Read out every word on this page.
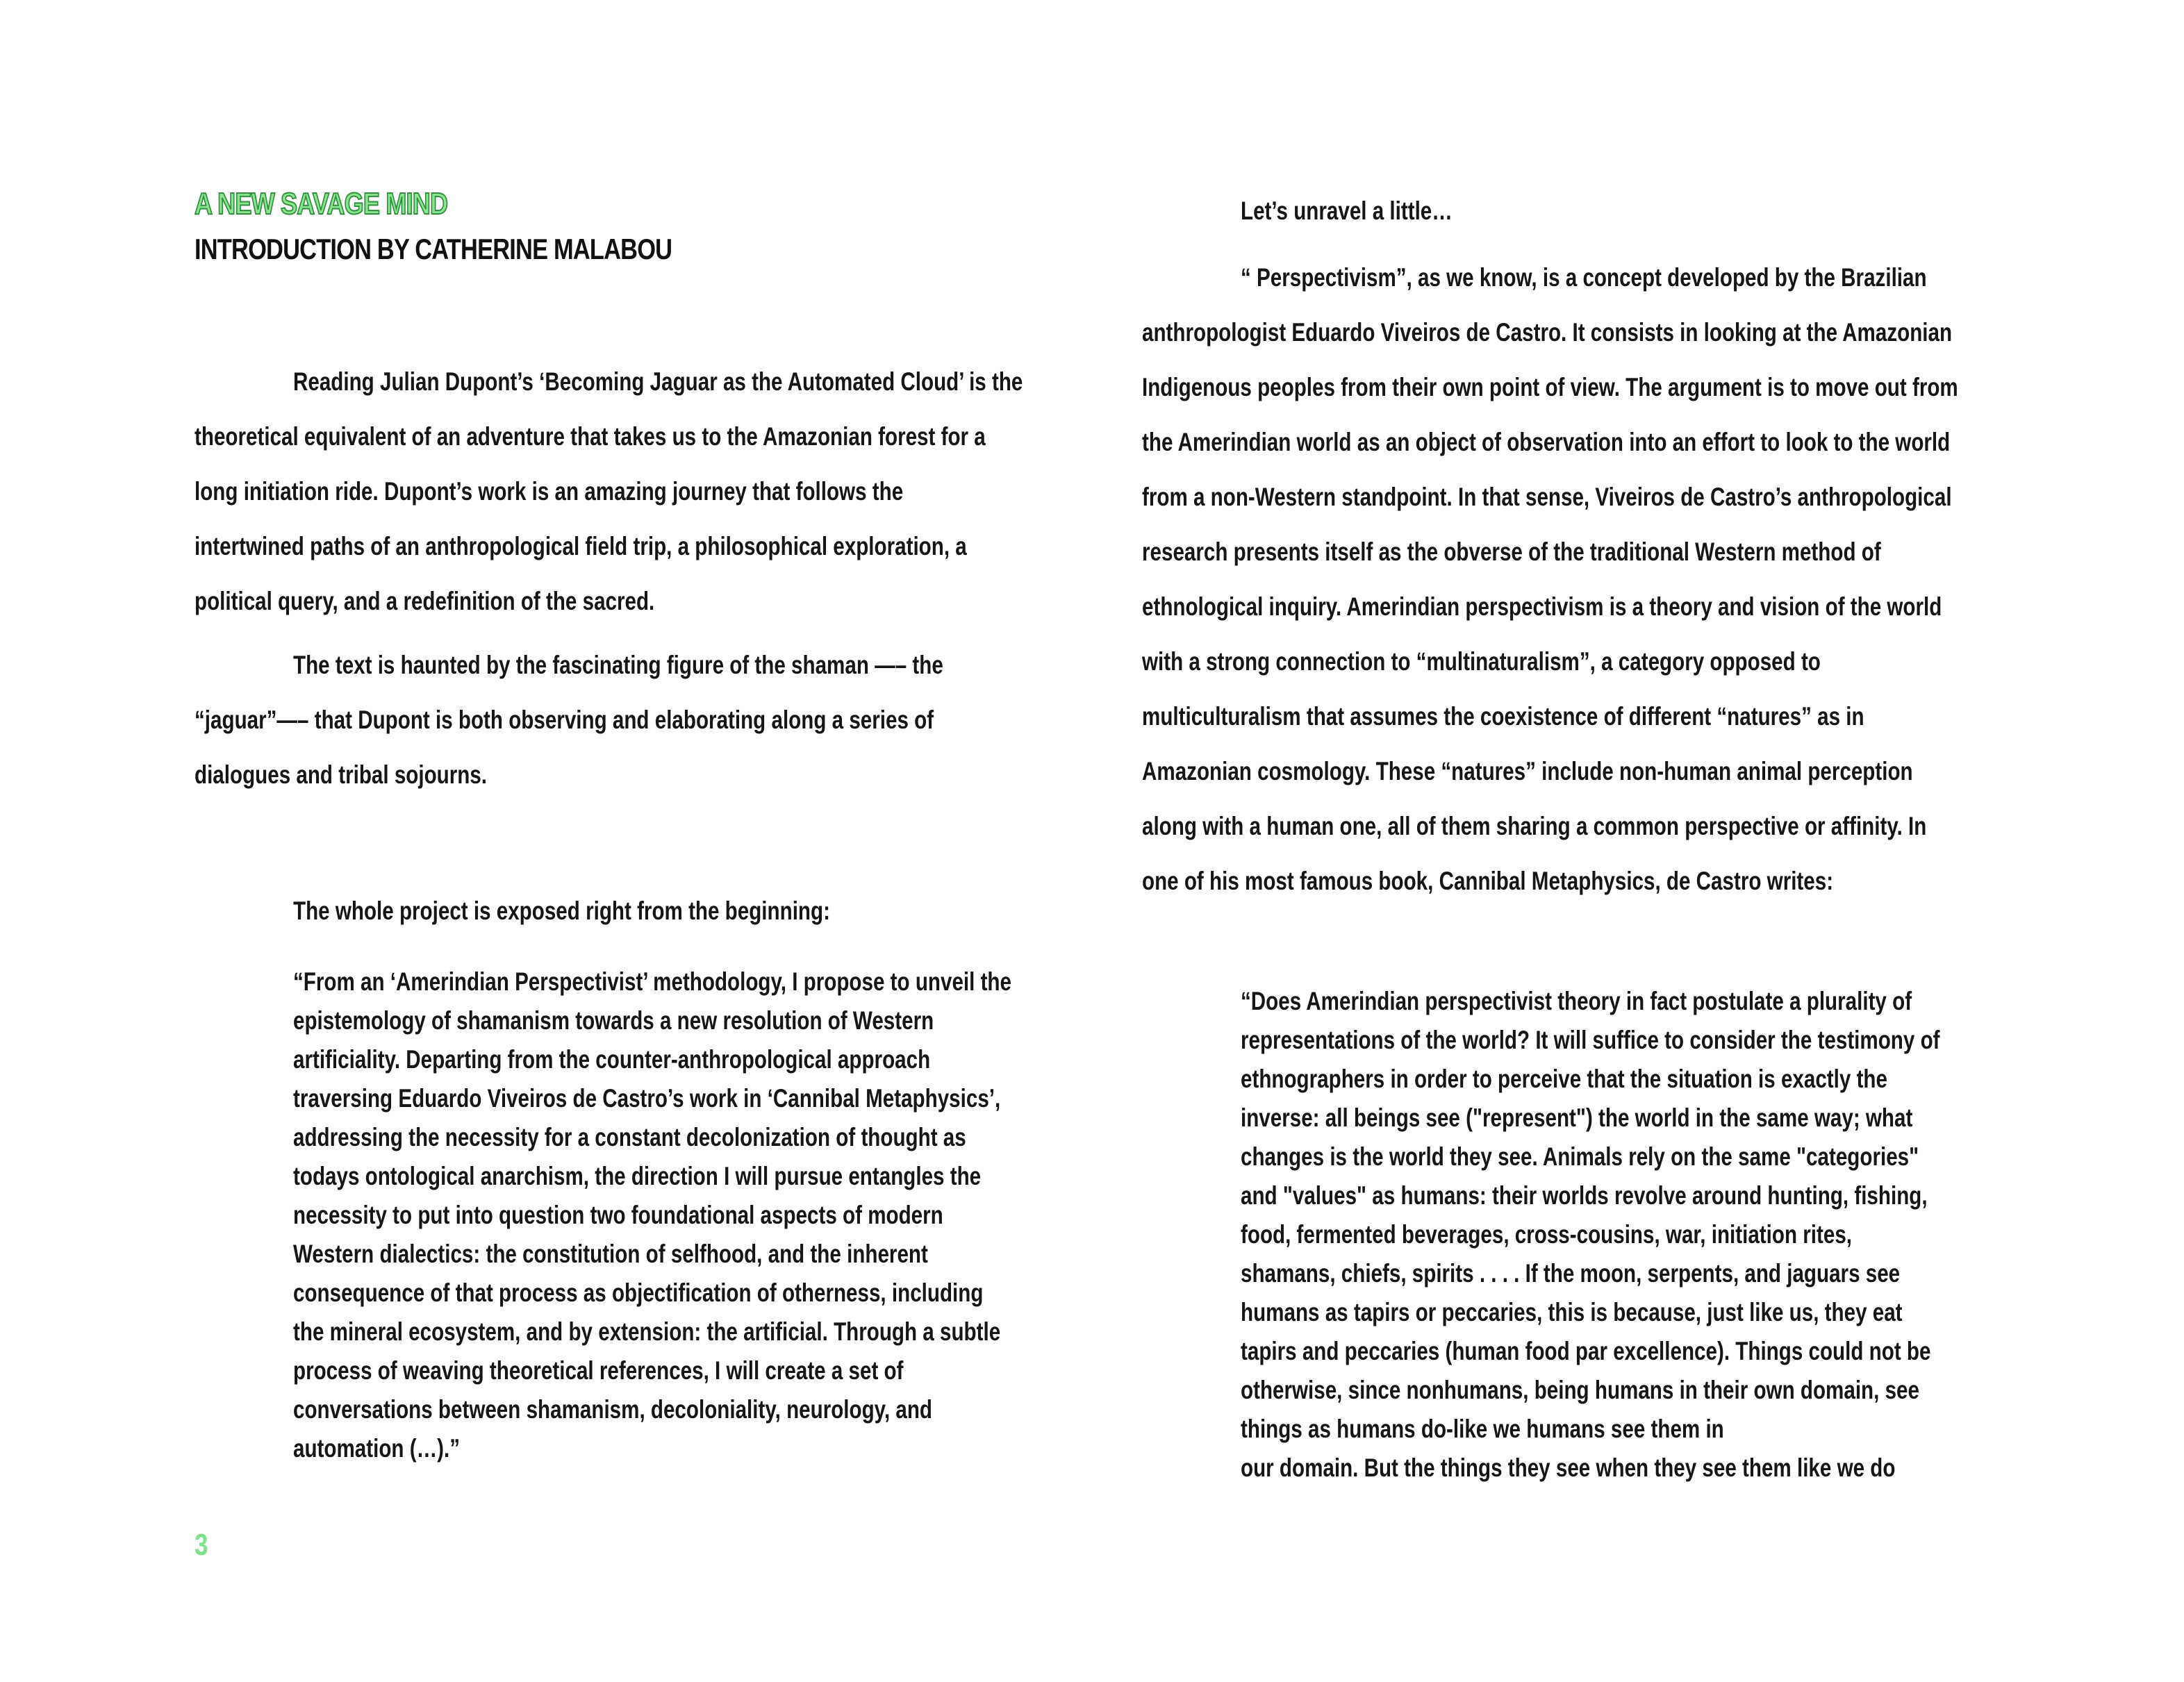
A NEW SAVAGE MIND
INTRODUCTION BY CATHERINE MALABOU

Reading Julian Dupont’s ‘Becoming Jaguar as the Automated Cloud’ is the

theoretical equivalent of an adventure that takes us to the Amazonian forest for a
long initiation ride. Dupont’s work is an amazing journey that follows the
intertwined paths of an anthropological field trip, a philosophical exploration, a
political query, and a redefinition of the sacred.

The text is haunted by the fascinating figure of the shaman —– the

“jaguar”—– that Dupont is both observing and elaborating along a series of
dialogues and tribal sojourns.

The whole project is exposed right from the beginning:

“From an ‘Amerindian Perspectivist’ methodology, I propose to unveil the
epistemology of shamanism towards a new resolution of Western
artificiality. Departing from the counter-anthropological approach
traversing Eduardo Viveiros de Castro’s work in ‘Cannibal Metaphysics’,
addressing the necessity for a constant decolonization of thought as
todays ontological anarchism, the direction I will pursue entangles the
necessity to put into question two foundational aspects of modern
Western dialectics: the constitution of selfhood, and the inherent
consequence of that process as objectification of otherness, including
the mineral ecosystem, and by extension: the artificial. Through a subtle
process of weaving theoretical references, I will create a set of
conversations between shamanism, decoloniality, neurology, and
automation (…).”

Let’s unravel a little…

“ Perspectivism”, as we know, is a concept developed by the Brazilian

anthropologist Eduardo Viveiros de Castro. It consists in looking at the Amazonian
Indigenous peoples from their own point of view. The argument is to move out from
the Amerindian world as an object of observation into an effort to look to the world
from a non-Western standpoint. In that sense, Viveiros de Castro’s anthropological
research presents itself as the obverse of the traditional Western method of
ethnological inquiry. Amerindian perspectivism is a theory and vision of the world
with a strong connection to “multinaturalism”, a category opposed to
multiculturalism that assumes the coexistence of different “natures” as in
Amazonian cosmology. These “natures” include non-human animal perception
along with a human one, all of them sharing a common perspective or affinity. In
one of his most famous book, Cannibal Metaphysics, de Castro writes:

“Does Amerindian perspectivist theory in fact postulate a plurality of
representations of the world? It will suffice to consider the testimony of
ethnographers in order to perceive that the situation is exactly the
inverse: all beings see ("represent") the world in the same way; what
changes is the world they see. Animals rely on the same "categories"
and "values" as humans: their worlds revolve around hunting, fishing,
food, fermented beverages, cross-cousins, war, initiation rites,
shamans, chiefs, spirits . . . . If the moon, serpents, and jaguars see
humans as tapirs or peccaries, this is because, just like us, they eat
tapirs and peccaries (human food par excellence). Things could not be
otherwise, since nonhumans, being humans in their own domain, see
things as humans do-like we humans see them in
our domain. But the things they see when they see them like we do

3
